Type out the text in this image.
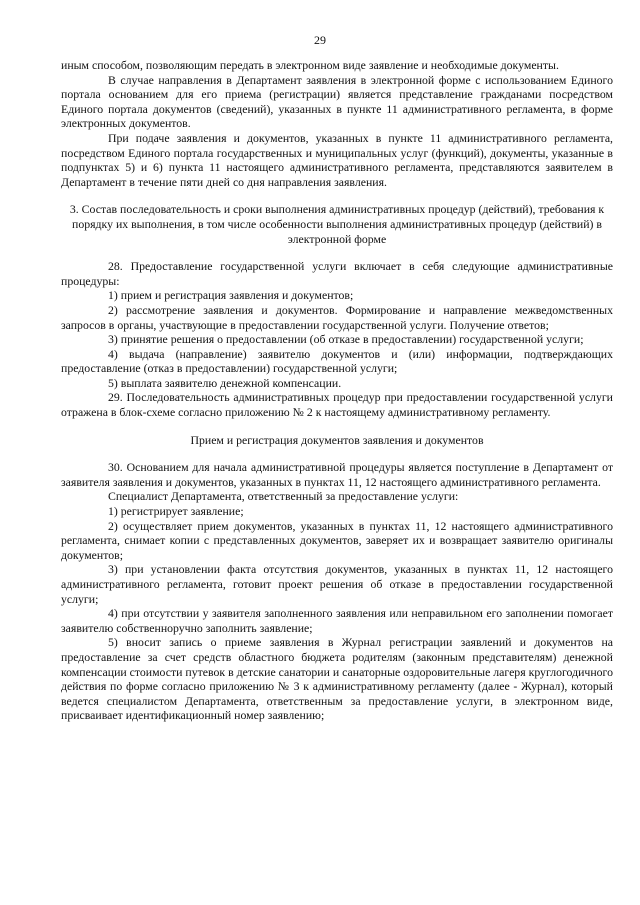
29

иным способом, позволяющим передать в электронном виде заявление и необходимые документы.

В случае направления в Департамент заявления в электронной форме с использованием Единого портала основанием для его приема (регистрации) является представление гражданами посредством Единого портала документов (сведений), указанных в пункте 11 административного регламента, в форме электронных документов.

При подаче заявления и документов, указанных в пункте 11 административного регламента, посредством Единого портала государственных и муниципальных услуг (функций), документы, указанные в подпунктах 5) и 6) пункта 11 настоящего административного регламента, представляются заявителем в Департамент в течение пяти дней со дня направления заявления.

3. Состав последовательность и сроки выполнения административных процедур (действий), требования к порядку их выполнения, в том числе особенности выполнения административных процедур (действий) в электронной форме

28. Предоставление государственной услуги включает в себя следующие административные процедуры:

1) прием и регистрация заявления и документов;

2) рассмотрение заявления и документов. Формирование и направление межведомственных запросов в органы, участвующие в предоставлении государственной услуги. Получение ответов;

3) принятие решения о предоставлении (об отказе в предоставлении) государственной услуги;

4) выдача (направление) заявителю документов и (или) информации, подтверждающих предоставление (отказ в предоставлении) государственной услуги;

5) выплата заявителю денежной компенсации.

29. Последовательность административных процедур при предоставлении государственной услуги отражена в блок-схеме согласно приложению № 2 к настоящему административному регламенту.

Прием и регистрация документов заявления и документов

30. Основанием для начала административной процедуры является поступление в Департамент от заявителя заявления и документов, указанных в пунктах 11, 12 настоящего административного регламента.

Специалист Департамента, ответственный за предоставление услуги:

1) регистрирует заявление;

2) осуществляет прием документов, указанных в пунктах 11, 12 настоящего административного регламента, снимает копии с представленных документов, заверяет их и возвращает заявителю оригиналы документов;

3) при установлении факта отсутствия документов, указанных в пунктах 11, 12 настоящего административного регламента, готовит проект решения об отказе в предоставлении государственной услуги;

4) при отсутствии у заявителя заполненного заявления или неправильном его заполнении помогает заявителю собственноручно заполнить заявление;

5) вносит запись о приеме заявления в Журнал регистрации заявлений и документов на предоставление за счет средств областного бюджета родителям (законным представителям) денежной компенсации стоимости путевок в детские санатории и санаторные оздоровительные лагеря круглогодичного действия по форме согласно приложению № 3 к административному регламенту (далее - Журнал), который ведется специалистом Департамента, ответственным за предоставление услуги, в электронном виде, присваивает идентификационный номер заявлению;
